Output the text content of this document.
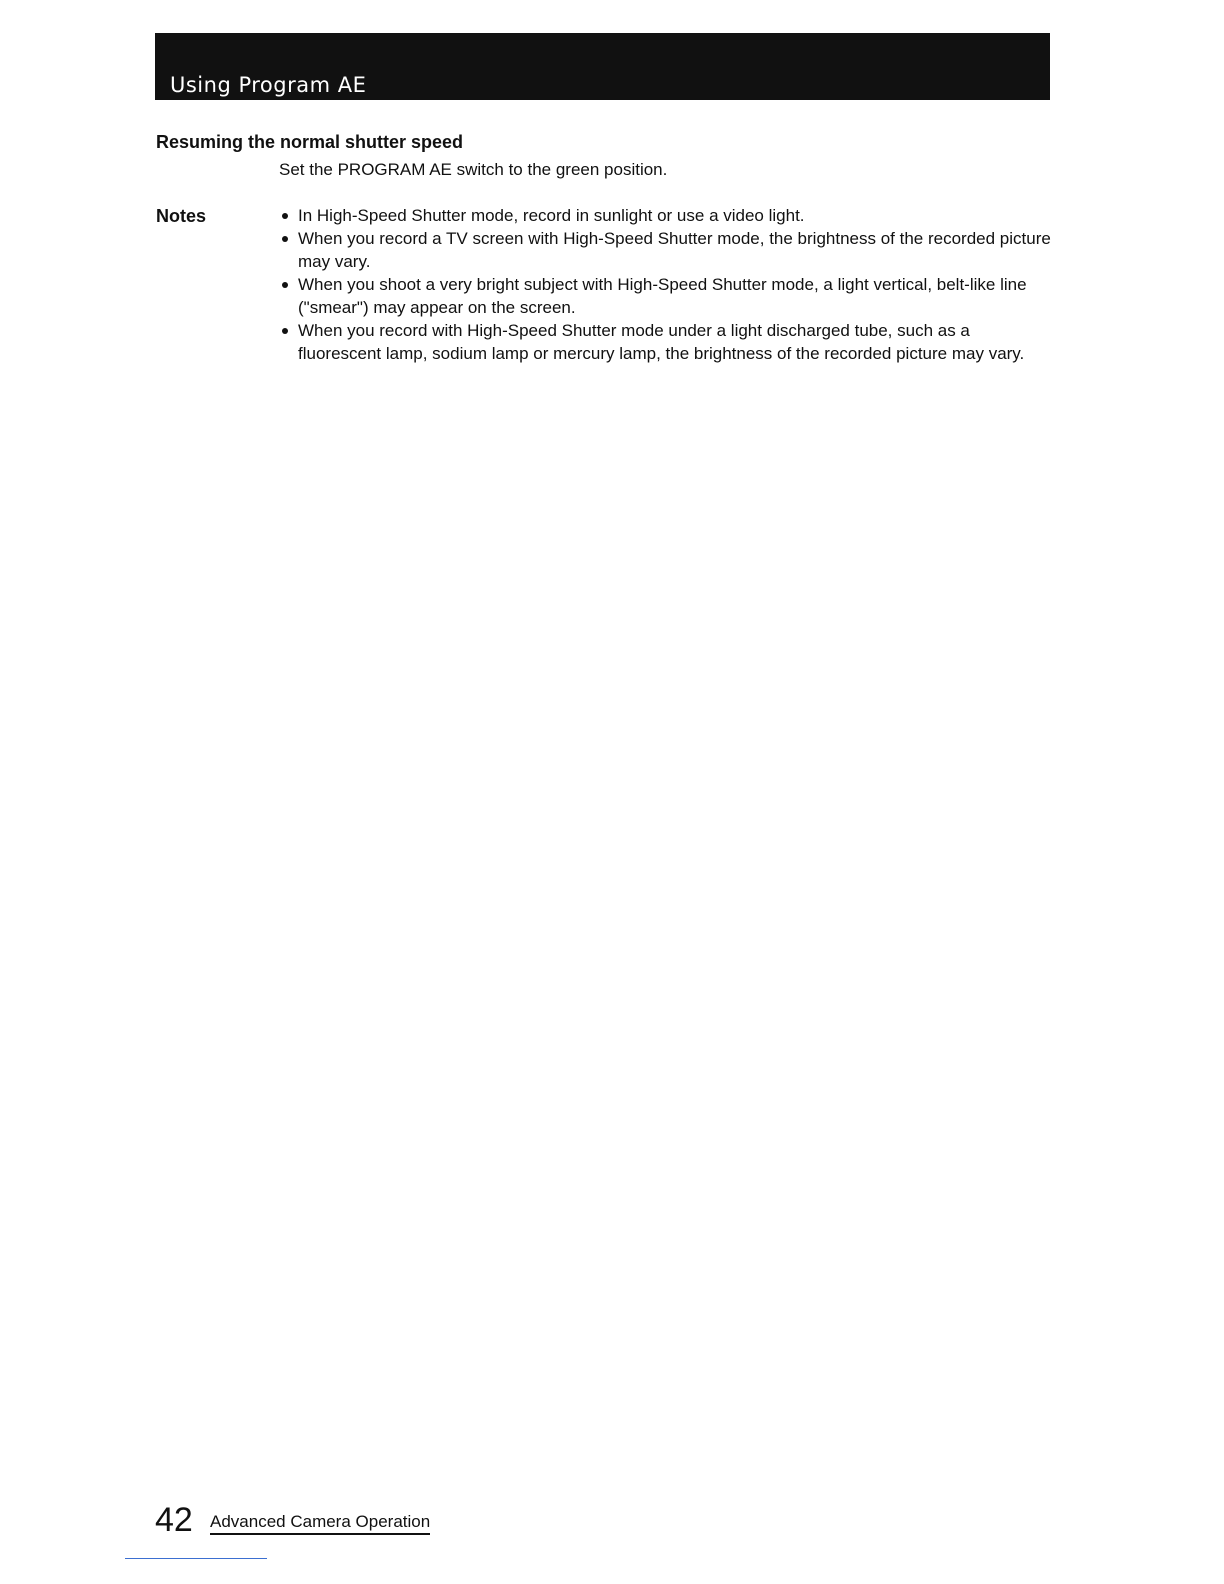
Using Program AE
Resuming the normal shutter speed
Set the PROGRAM AE switch to the green position.
Notes	In High-Speed Shutter mode, record in sunlight or use a video light.
When you record a TV screen with High-Speed Shutter mode, the brightness of the recorded picture may vary.
When you shoot a very bright subject with High-Speed Shutter mode, a light vertical, belt-like line ("smear") may appear on the screen.
When you record with High-Speed Shutter mode under a light discharged tube, such as a fluorescent lamp, sodium lamp or mercury lamp, the brightness of the recorded picture may vary.
42 Advanced Camera Operation
